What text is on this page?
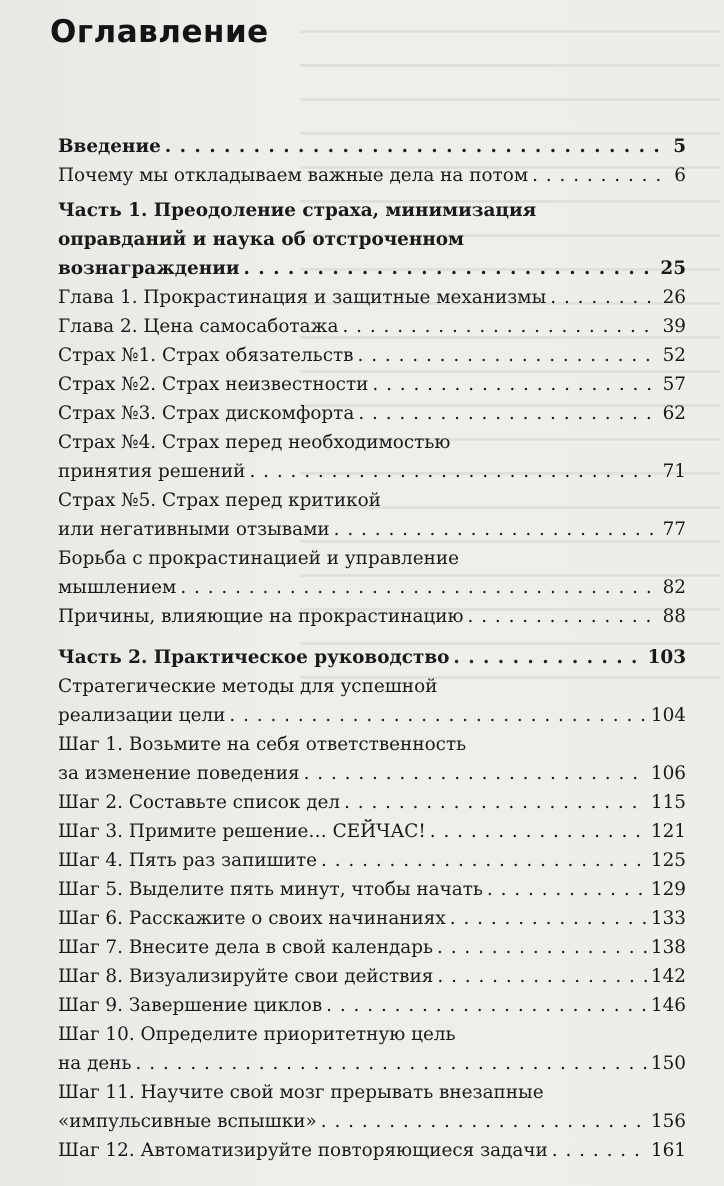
Оглавление
Введение . . .	5
Почему мы откладываем важные дела на потом . . .	6
Часть 1. Преодоление страха, минимизация
оправданий и наука об отстроченном
вознаграждении . . .	25
Глава 1. Прокрастинация и защитные механизмы . . .	26
Глава 2. Цена самосаботажа . . .	39
Страх №1. Страх обязательств . . .	52
Страх №2. Страх неизвестности . . .	57
Страх №3. Страх дискомфорта . . .	62
Страх №4. Страх перед необходимостью
принятия решений . . .	71
Страх №5. Страх перед критикой
или негативными отзывами . . .	77
Борьба с прокрастинацией и управление
мышлением . . .	82
Причины, влияющие на прокрастинацию . . .	88
Часть 2. Практическое руководство . . .	103
Стратегические методы для успешной
реализации цели . . .	104
Шаг 1. Возьмите на себя ответственность
за изменение поведения . . .	106
Шаг 2. Составьте список дел . . .	115
Шаг 3. Примите решение… СЕЙЧАС! . . .	121
Шаг 4. Пять раз запишите . . .	125
Шаг 5. Выделите пять минут, чтобы начать . . .	129
Шаг 6. Расскажите о своих начинаниях . . .	133
Шаг 7. Внесите дела в свой календарь . . .	138
Шаг 8. Визуализируйте свои действия . . .	142
Шаг 9. Завершение циклов . . .	146
Шаг 10. Определите приоритетную цель
на день . . .	150
Шаг 11. Научите свой мозг прерывать внезапные
«импульсивные вспышки» . . .	156
Шаг 12. Автоматизируйте повторяющиеся задачи . . .	161
